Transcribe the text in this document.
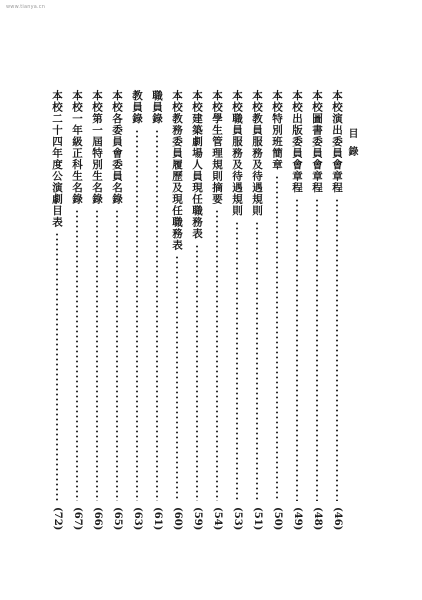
www.tianya.cn
目錄
本校演出委員會章程
(46)
本校圖書委員會章程
(48)
本校出版委員會章程
(49)
本校特別班簡章
(50)
本校教員服務及待遇規則
(51)
本校職員服務及待遇規則
(53)
本校學生管理規則摘要
(54)
本校建築劇場人員現任職務表
(59)
本校教務委員履歷及現任職務表
(60)
職員錄
(61)
教員錄
(63)
本校各委員會委員名錄
(65)
本校第一屆特別生名錄
(66)
本校一年級正科生名錄
(67)
本校二十四年度公演劇目表
(72)
